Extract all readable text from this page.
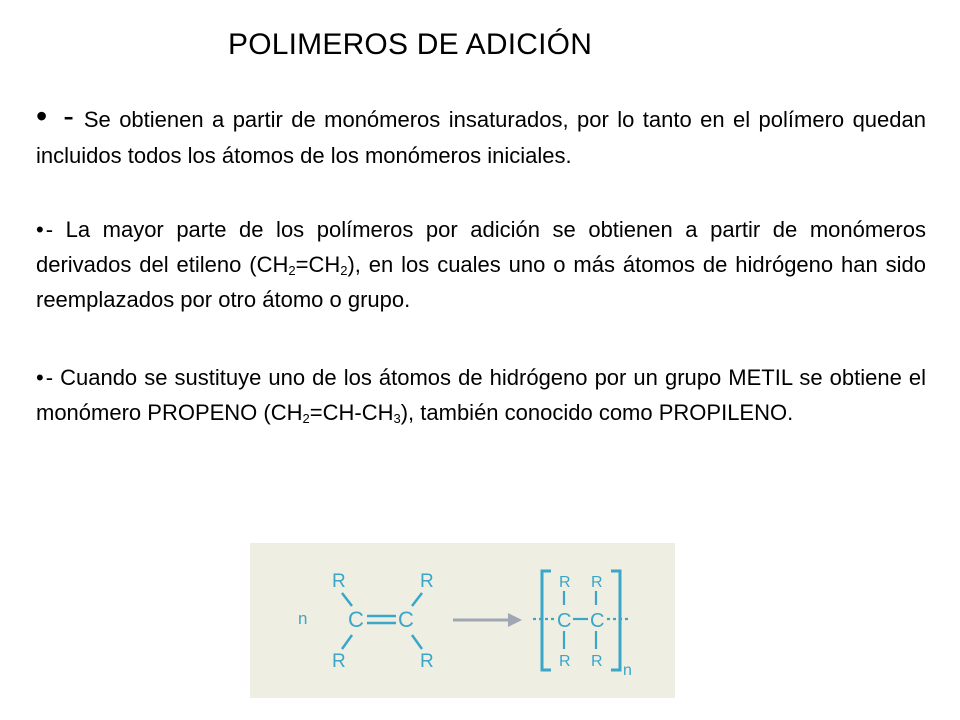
POLIMEROS DE ADICIÓN

• - Se obtienen a partir de monómeros insaturados, por lo tanto en el polímero quedan incluidos todos los átomos de los monómeros iniciales.

•- La mayor parte de los polímeros por adición se obtienen a partir de monómeros derivados del etileno $(CH_2=CH_2)$, en los cuales uno o más átomos de hidrógeno han sido reemplazados por otro átomo o grupo.

•- Cuando se sustituye uno de los átomos de hidrógeno por un grupo METIL se obtiene el monómero PROPENO $(CH_2=CH-CH_3)$, también conocido como PROPILENO.

n
R	R
R	R
C C
R R
R R
C C
n
